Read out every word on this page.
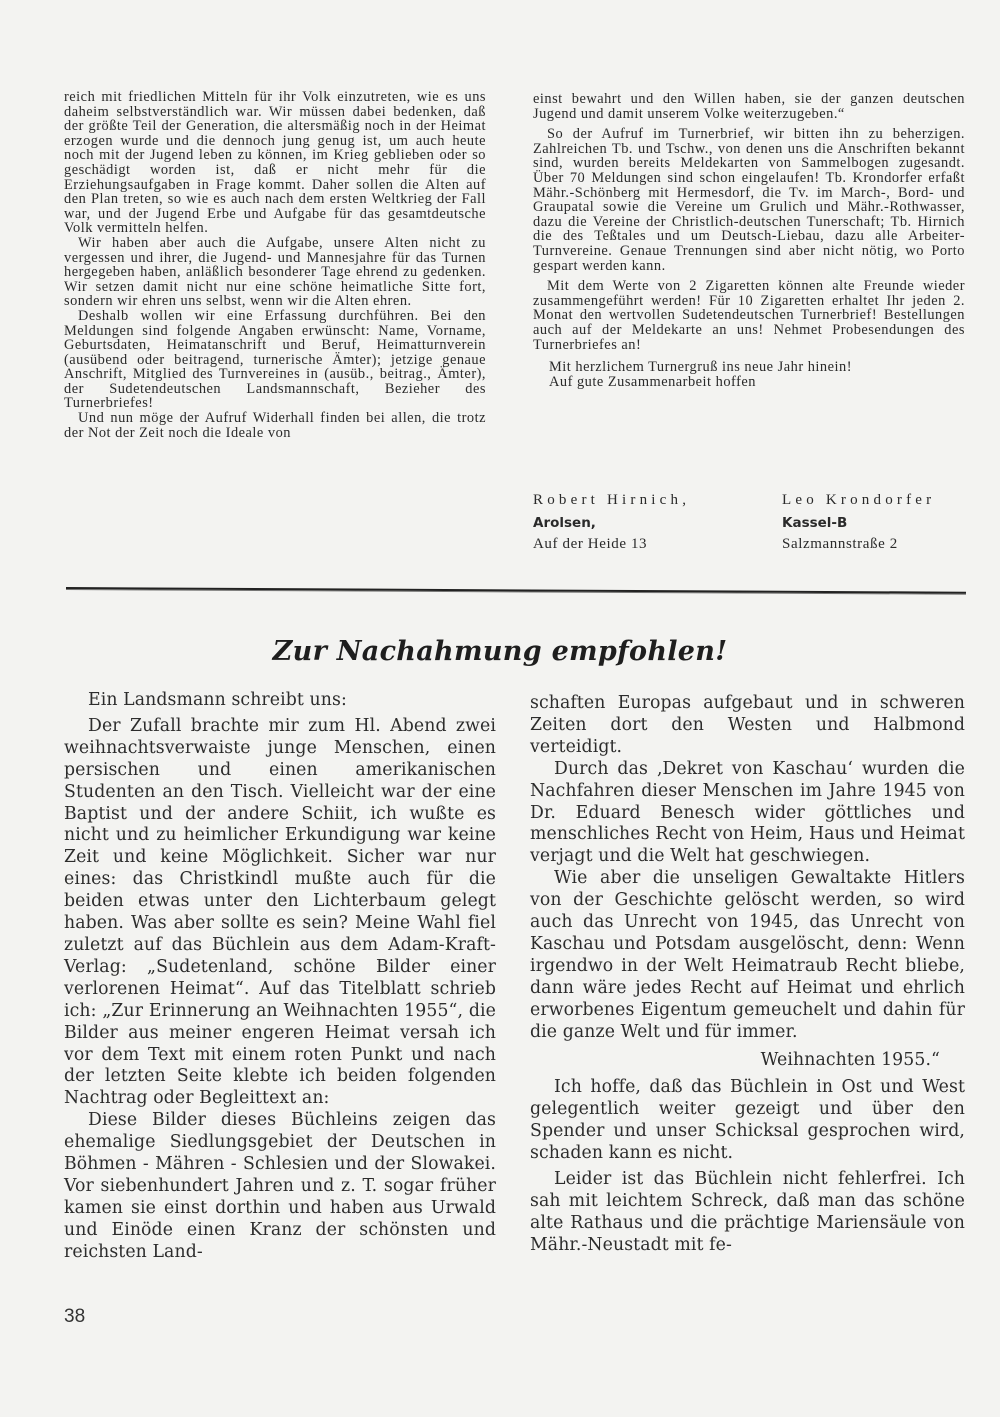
reich mit friedlichen Mitteln für ihr Volk einzutreten, wie es uns daheim selbstverständlich war. Wir müssen dabei bedenken, daß der größte Teil der Generation, die altersmäßig noch in der Heimat erzogen wurde und die dennoch jung genug ist, um auch heute noch mit der Jugend leben zu können, im Krieg geblieben oder so geschädigt worden ist, daß er nicht mehr für die Erziehungsaufgaben in Frage kommt. Daher sollen die Alten auf den Plan treten, so wie es auch nach dem ersten Weltkrieg der Fall war, und der Jugend Erbe und Aufgabe für das gesamtdeutsche Volk vermitteln helfen.

Wir haben aber auch die Aufgabe, unsere Alten nicht zu vergessen und ihrer, die Jugend- und Mannesjahre für das Turnen hergegeben haben, anläßlich besonderer Tage ehrend zu gedenken. Wir setzen damit nicht nur eine schöne heimatliche Sitte fort, sondern wir ehren uns selbst, wenn wir die Alten ehren.

Deshalb wollen wir eine Erfassung durchführen. Bei den Meldungen sind folgende Angaben erwünscht: Name, Vorname, Geburtsdaten, Heimatanschrift und Beruf, Heimatturnverein (ausübend oder beitragend, turnerische Ämter); jetzige genaue Anschrift, Mitglied des Turnvereines in (ausüb., beitrag., Ämter), der Sudetendeutschen Landsmannschaft, Bezieher des Turnerbriefes!

Und nun möge der Aufruf Widerhall finden bei allen, die trotz der Not der Zeit noch die Ideale von

einst bewahrt und den Willen haben, sie der ganzen deutschen Jugend und damit unserem Volke weiterzugeben.“

So der Aufruf im Turnerbrief, wir bitten ihn zu beherzigen. Zahlreichen Tb. und Tschw., von denen uns die Anschriften bekannt sind, wurden bereits Meldekarten von Sammelbogen zugesandt. Über 70 Meldungen sind schon eingelaufen! Tb. Krondorfer erfaßt Mähr.-Schönberg mit Hermesdorf, die Tv. im March-, Bord- und Graupatal sowie die Vereine um Grulich und Mähr.-Rothwasser, dazu die Vereine der Christlich-deutschen Tunerschaft; Tb. Hirnich die des Teßtales und um Deutsch-Liebau, dazu alle Arbeiter-Turnvereine. Genaue Trennungen sind aber nicht nötig, wo Porto gespart werden kann.

Mit dem Werte von 2 Zigaretten können alte Freunde wieder zusammengeführt werden! Für 10 Zigaretten erhaltet Ihr jeden 2. Monat den wertvollen Sudetendeutschen Turnerbrief! Bestellungen auch auf der Meldekarte an uns! Nehmet Probesendungen des Turnerbriefes an!

Mit herzlichem Turnergruß ins neue Jahr hinein!

Auf gute Zusammenarbeit hoffen

Robert Hirnich,
Arolsen,
Auf der Heide 13
Leo Krondorfer
Kassel-B
Salzmannstraße 2
Zur Nachahmung empfohlen!

Ein Landsmann schreibt uns:

Der Zufall brachte mir zum Hl. Abend zwei weihnachtsverwaiste junge Menschen, einen persischen und einen amerikanischen Studenten an den Tisch. Vielleicht war der eine Baptist und der andere Schiit, ich wußte es nicht und zu heimlicher Erkundigung war keine Zeit und keine Möglichkeit. Sicher war nur eines: das Christkindl mußte auch für die beiden etwas unter den Lichterbaum gelegt haben. Was aber sollte es sein? Meine Wahl fiel zuletzt auf das Büchlein aus dem Adam-Kraft-Verlag: „Sudetenland, schöne Bilder einer verlorenen Heimat“. Auf das Titelblatt schrieb ich: „Zur Erinnerung an Weihnachten 1955“, die Bilder aus meiner engeren Heimat versah ich vor dem Text mit einem roten Punkt und nach der letzten Seite klebte ich beiden folgenden Nachtrag oder Begleittext an:

Diese Bilder dieses Büchleins zeigen das ehemalige Siedlungsgebiet der Deutschen in Böhmen - Mähren - Schlesien und der Slowakei. Vor siebenhundert Jahren und z. T. sogar früher kamen sie einst dorthin und haben aus Urwald und Einöde einen Kranz der schönsten und reichsten Land-

schaften Europas aufgebaut und in schweren Zeiten dort den Westen und Halbmond verteidigt.

Durch das ‚Dekret von Kaschau‘ wurden die Nachfahren dieser Menschen im Jahre 1945 von Dr. Eduard Benesch wider göttliches und menschliches Recht von Heim, Haus und Heimat verjagt und die Welt hat geschwiegen.

Wie aber die unseligen Gewaltakte Hitlers von der Geschichte gelöscht werden, so wird auch das Unrecht von 1945, das Unrecht von Kaschau und Potsdam ausgelöscht, denn: Wenn irgendwo in der Welt Heimatraub Recht bliebe, dann wäre jedes Recht auf Heimat und ehrlich erworbenes Eigentum gemeuchelt und dahin für die ganze Welt und für immer.

Weihnachten 1955.“

Ich hoffe, daß das Büchlein in Ost und West gelegentlich weiter gezeigt und über den Spender und unser Schicksal gesprochen wird, schaden kann es nicht.

Leider ist das Büchlein nicht fehlerfrei. Ich sah mit leichtem Schreck, daß man das schöne alte Rathaus und die prächtige Mariensäule von Mähr.-Neustadt mit fe-

38
